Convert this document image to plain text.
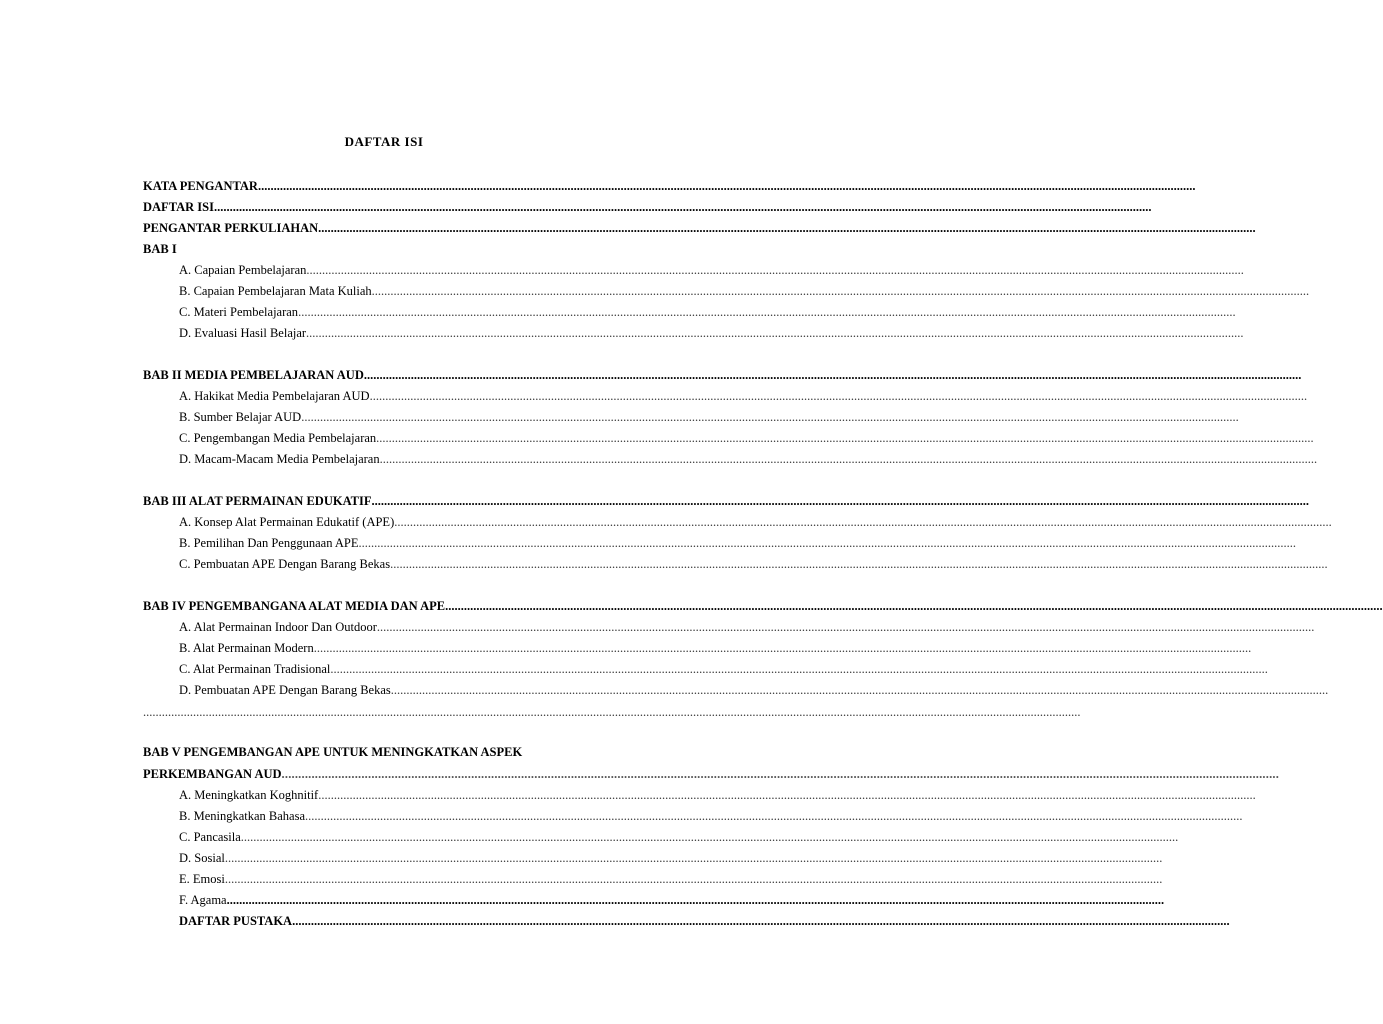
DAFTAR ISI
KATA PENGANTAR ............................................................................................................................................................................................................................................................................................................
DAFTAR ISI ............................................................................................................................................................................................................................................................................................................
PENGANTAR PERKULIAHAN ............................................................................................................................................................................................................................................................................................................
BAB I
A. Capaian Pembelajaran ............................................................................................................................................................................................................................................................................................................
B. Capaian Pembelajaran Mata Kuliah ............................................................................................................................................................................................................................................................................................................
C. Materi Pembelajaran ............................................................................................................................................................................................................................................................................................................
D. Evaluasi Hasil Belajar ............................................................................................................................................................................................................................................................................................................
BAB II MEDIA PEMBELAJARAN AUD ............................................................................................................................................................................................................................................................................................................
A. Hakikat Media Pembelajaran AUD ............................................................................................................................................................................................................................................................................................................
B. Sumber Belajar AUD ............................................................................................................................................................................................................................................................................................................
C. Pengembangan Media Pembelajaran ............................................................................................................................................................................................................................................................................................................
D. Macam-Macam Media Pembelajaran ............................................................................................................................................................................................................................................................................................................
BAB III ALAT PERMAINAN EDUKATIF ............................................................................................................................................................................................................................................................................................................
A. Konsep Alat Permainan Edukatif (APE) ............................................................................................................................................................................................................................................................................................................
B. Pemilihan Dan Penggunaan APE ............................................................................................................................................................................................................................................................................................................
C. Pembuatan APE Dengan Barang Bekas ............................................................................................................................................................................................................................................................................................................
BAB IV PENGEMBANGANA ALAT MEDIA DAN APE ............................................................................................................................................................................................................................................................................................................
A. Alat Permainan Indoor Dan Outdoor ............................................................................................................................................................................................................................................................................................................
B. Alat Permainan Modern ............................................................................................................................................................................................................................................................................................................
C. Alat Permainan Tradisional ............................................................................................................................................................................................................................................................................................................
D. Pembuatan APE Dengan Barang Bekas ............................................................................................................................................................................................................................................................................................................
............................................................................................................................................................................................................................................................................................................
BAB V PENGEMBANGAN APE UNTUK MENINGKATKAN ASPEK
PERKEMBANGAN AUD ............................................................................................................................................................................................................................................................................................................
A. Meningkatkan Koghnitif ............................................................................................................................................................................................................................................................................................................
B. Meningkatkan Bahasa ............................................................................................................................................................................................................................................................................................................
C. Pancasila ............................................................................................................................................................................................................................................................................................................
D. Sosial ............................................................................................................................................................................................................................................................................................................
E. Emosi ............................................................................................................................................................................................................................................................................................................
F. Agama ............................................................................................................................................................................................................................................................................................................
DAFTAR PUSTAKA ............................................................................................................................................................................................................................................................................................................
